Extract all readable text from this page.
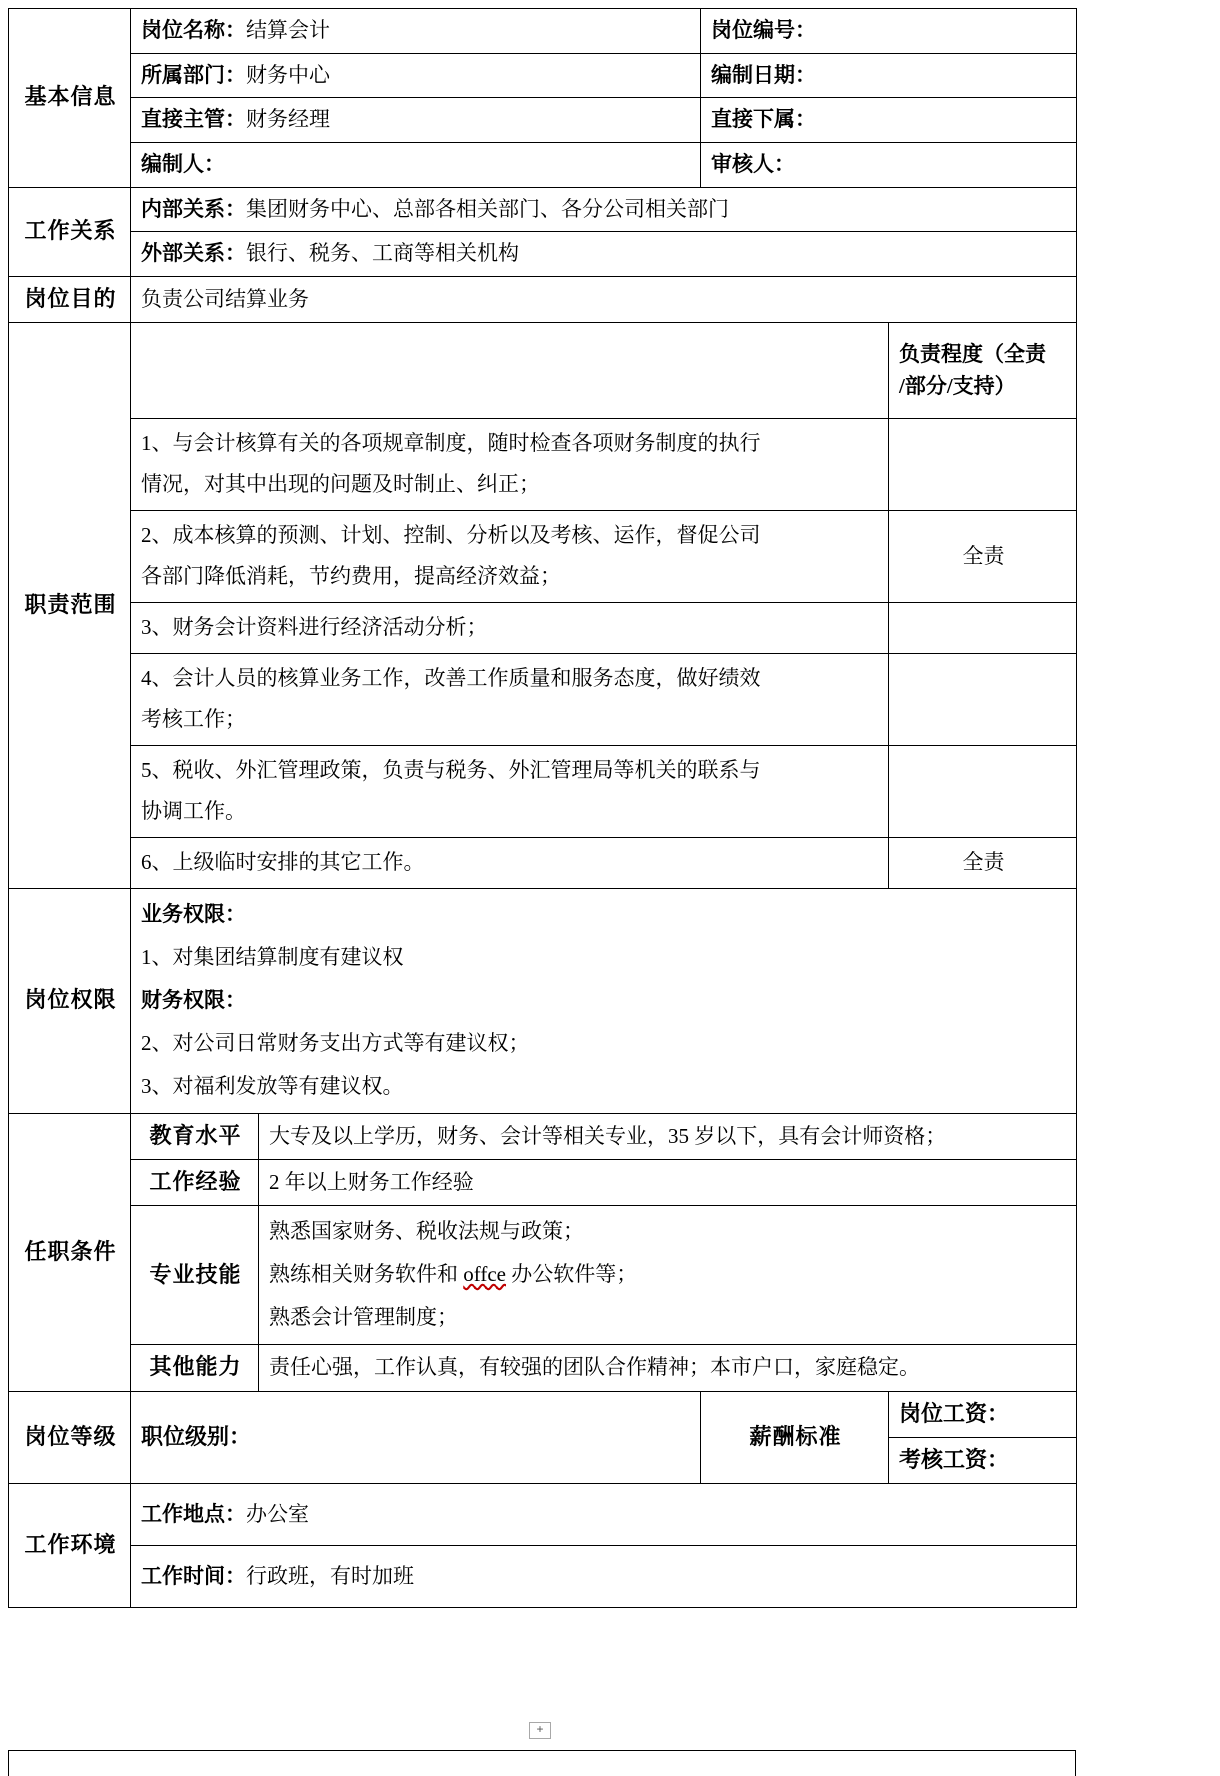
基本信息	岗位名称：结算会计		岗位编号：	
	所属部门：财务中心		编制日期：	
	直接主管：财务经理		直接下属：	
	编制人：		审核人：	
工作关系	内部关系：集团财务中心、总部各相关部门、各分公司相关部门			
	外部关系：银行、税务、工商等相关机构			
岗位目的	负责公司结算业务			
职责范围				负责程度（全责
/部分/支持）

	1、与会计核算有关的各项规章制度，随时检查各项财务制度的执行
情况，对其中出现的问题及时制止、纠正；			

	2、成本核算的预测、计划、控制、分析以及考核、运作，督促公司
各部门降低消耗，节约费用，提高经济效益；			全责

	3、财务会计资料进行经济活动分析；			

	4、会计人员的核算业务工作，改善工作质量和服务态度，做好绩效
考核工作；			

	5、税收、外汇管理政策，负责与税务、外汇管理局等机关的联系与
协调工作。			

	6、上级临时安排的其它工作。			全责
岗位权限	业务权限：
1、对集团结算制度有建议权
财务权限：
2、对公司日常财务支出方式等有建议权；
3、对福利发放等有建议权。			

任职条件	教育水平	大专及以上学历，财务、会计等相关专业，35 岁以下，具有会计师资格；		
	工作经验	2 年以上财务工作经验		
	专业技能	熟悉国家财务、税收法规与政策；
熟练相关财务软件和 offce 办公软件等；
熟悉会计管理制度；		

	其他能力	责任心强，工作认真，有较强的团队合作精神；本市户口，家庭稳定。		
岗位等级	职位级别：		薪酬标准	岗位工资：
				考核工资：
工作环境	工作地点：办公室			
	工作时间：行政班，有时加班			
+
